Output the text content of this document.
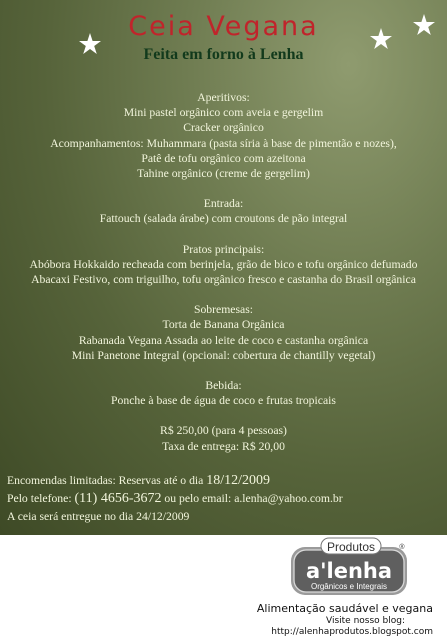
Ceia Vegana
Feita em forno à Lenha
Aperitivos:
Mini pastel orgânico com aveia e gergelim
Cracker orgânico
Acompanhamentos: Muhammara (pasta síria à base de pimentão e nozes),
Patê de tofu orgânico com azeitona
Tahine orgânico (creme de gergelim)
Entrada:
Fattouch (salada árabe) com croutons de pão integral
Pratos principais:
Abóbora Hokkaido recheada com berinjela, grão de bico e tofu orgânico defumado
Abacaxi Festivo, com triguilho, tofu orgânico fresco e castanha do Brasil orgânica
Sobremesas:
Torta de Banana Orgânica
Rabanada Vegana Assada ao leite de coco e castanha orgânica
Mini Panetone Integral (opcional: cobertura de chantilly vegetal)
Bebida:
Ponche à base de água de coco e frutas tropicais
R$ 250,00 (para 4 pessoas)
Taxa de entrega: R$ 20,00
Encomendas limitadas: Reservas até o dia 18/12/2009
Pelo telefone: (11) 4656-3672 ou pelo email: a.lenha@yahoo.com.br
A ceia será entregue no dia 24/12/2009
Produtos	®
a'lenha
Orgânicos e Integrais
Alimentação saudável e vegana
Visite nosso blog:
http://alenhaprodutos.blogspot.com
